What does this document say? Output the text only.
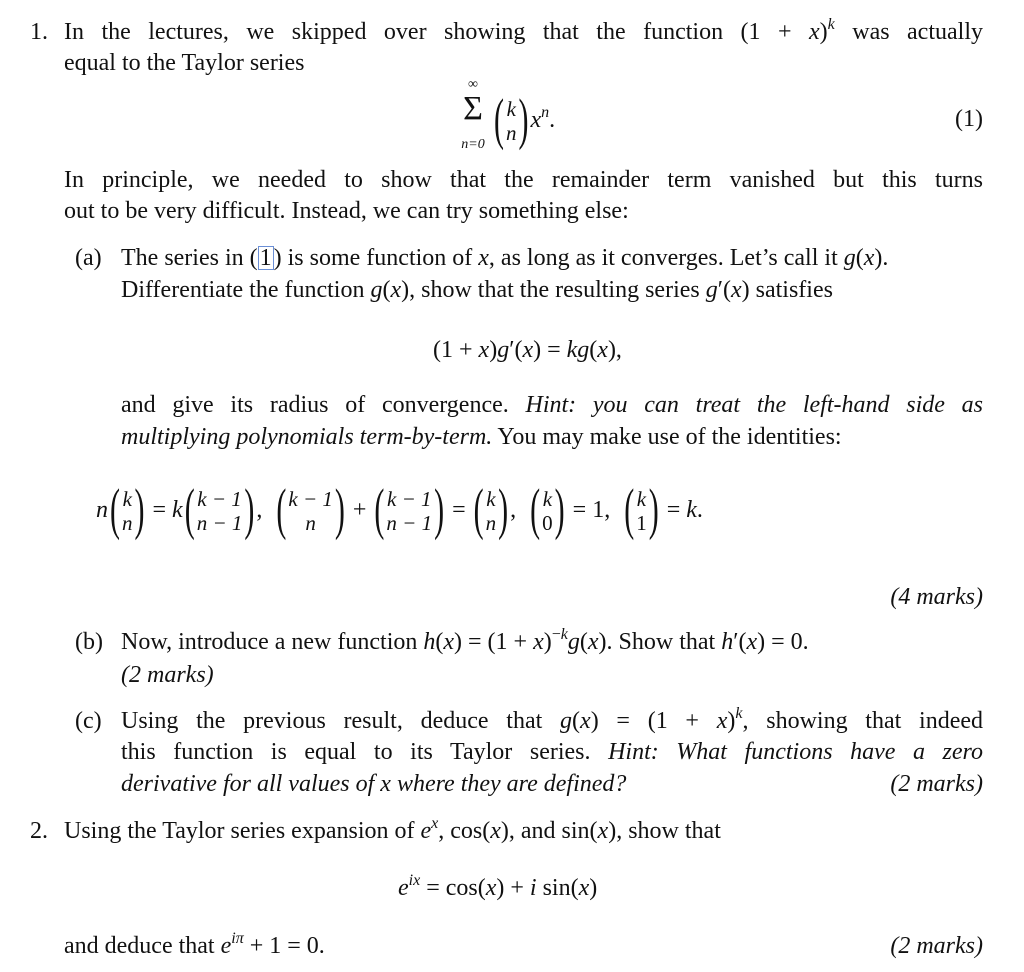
1. In the lectures, we skipped over showing that the function $(1 + x)^k$ was actually
equal to the Taylor series
∞
Σ
n=0 ( k
n ) $x^n$.	(1)
In principle, we needed to show that the remainder term vanished but this turns
out to be very difficult. Instead, we can try something else:
(a) The series in (1) is some function of x, as long as it converges. Let’s call it g(x).
Differentiate the function g(x), show that the resulting series g′(x) satisfies
(1 + x)g′(x) = kg(x),
and give its radius of convergence. Hint: you can treat the left-hand side as
multiplying polynomials term-by-term. You may make use of the identities:
n ( k
n ) = k ( k − 1
n − 1 ) , ( k − 1
n ) + ( k − 1
n − 1 ) = ( k
n ) , ( k
0 ) = 1, ( k
1 ) = k.
(4 marks)
(b) Now, introduce a new function $h(x) = (1 + x)^{-k}g(x)$. Show that h′(x) = 0.
(2 marks)
(c) Using the previous result, deduce that $g(x) = (1 + x)^k$, showing that indeed
this function is equal to its Taylor series. Hint: What functions have a zero
derivative for all values of x where they are defined?	(2 marks)
2. Using the Taylor series expansion of $e^x$, cos(x), and sin(x), show that
$e^{ix} = \cos(x) + i$ sin(x)
and deduce that $e^{i\pi} + 1 = 0$.	(2 marks)
